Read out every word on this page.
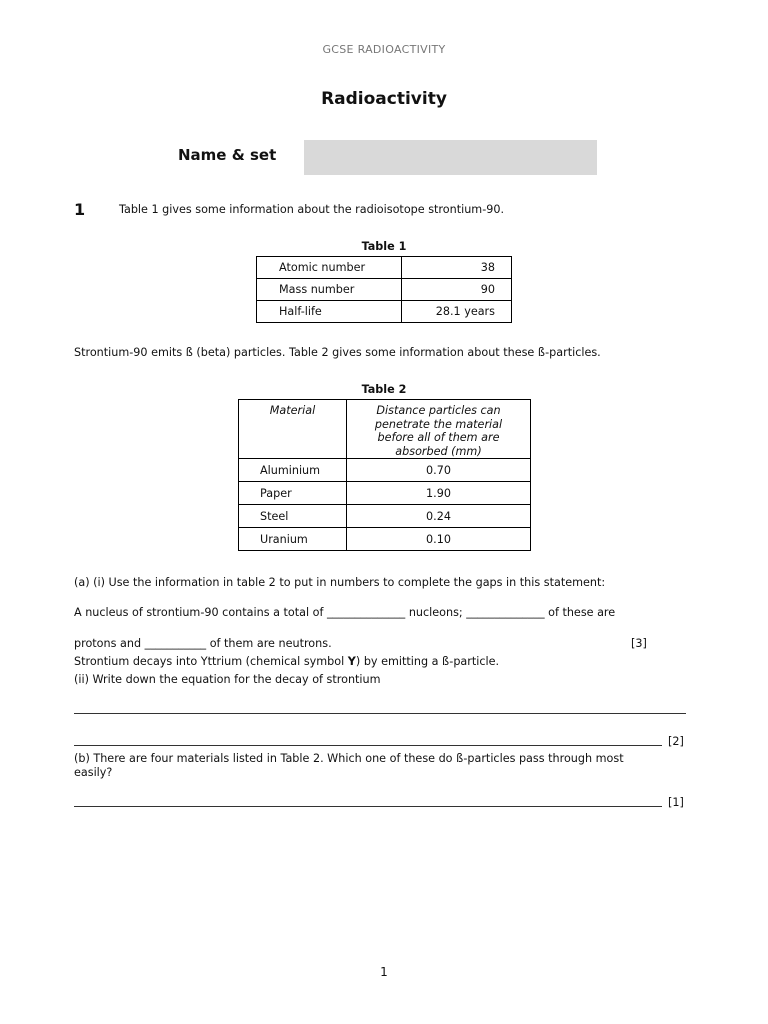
GCSE RADIOACTIVITY
Radioactivity
Name & set
1	Table 1 gives some information about the radioisotope strontium-90.
Table 1
Atomic number	38
Mass number	90
Half-life	28.1 years
Strontium-90 emits ß (beta) particles. Table 2 gives some information about these ß-particles.
Table 2
Material	Distance particles can penetrate the material before all of them are absorbed (mm)

Aluminium	0.70
Paper	1.90
Steel	0.24
Uranium	0.10
(a) (i) Use the information in table 2 to put in numbers to complete the gaps in this statement:
A nucleus of strontium-90 contains a total of ______________ nucleons; ______________ of these are
protons and ___________ of them are neutrons.	[3]
Strontium decays into Yttrium (chemical symbol Y) by emitting a ß-particle.
(ii) Write down the equation for the decay of strontium
[2]
(b) There are four materials listed in Table 2. Which one of these do ß-particles pass through most
easily?
[1]
1
